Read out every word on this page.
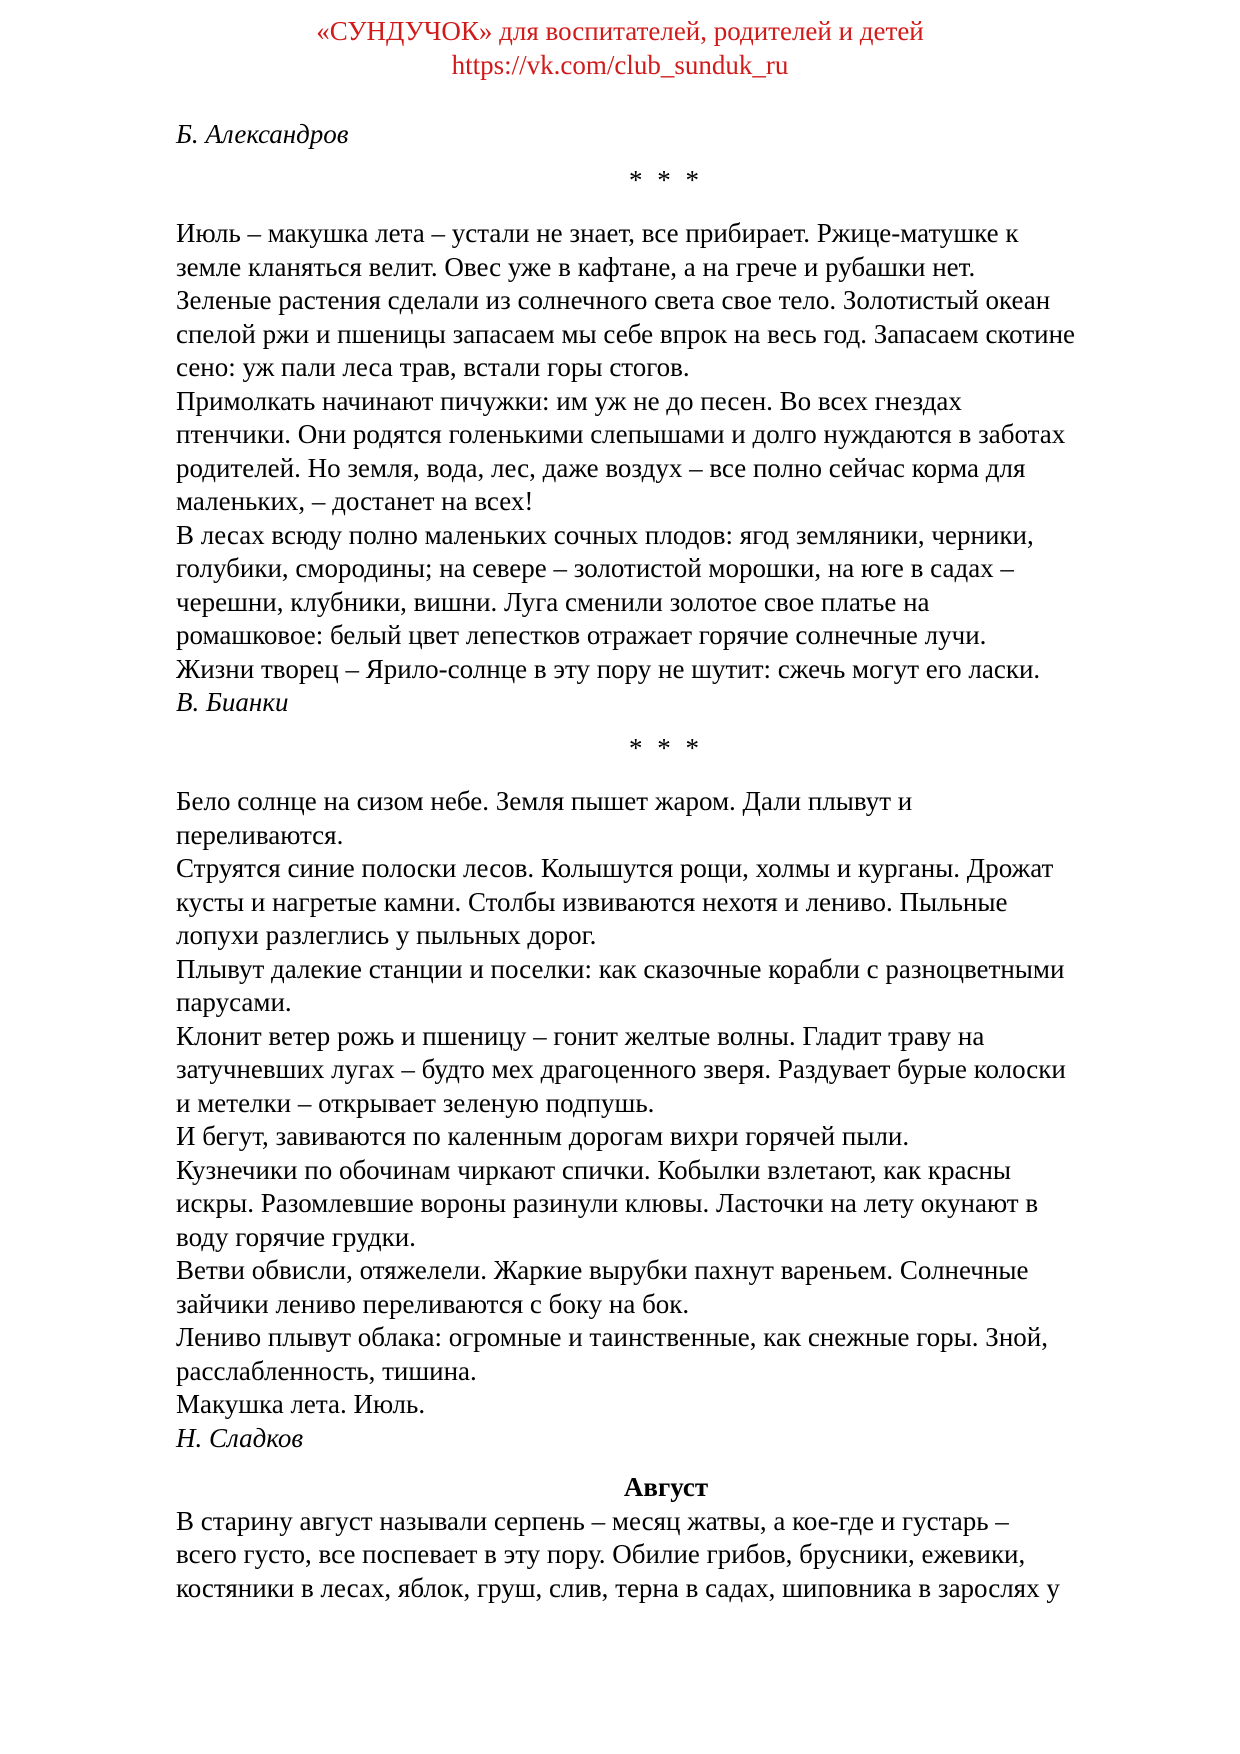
«СУНДУЧОК» для воспитателей, родителей и детей
https://vk.com/club_sunduk_ru
Б. Александров
* * *
Июль – макушка лета – устали не знает, все прибирает. Ржице-матушке к
земле кланяться велит. Овес уже в кафтане, а на грече и рубашки нет.
Зеленые растения сделали из солнечного света свое тело. Золотистый океан
спелой ржи и пшеницы запасаем мы себе впрок на весь год. Запасаем скотине
сено: уж пали леса трав, встали горы стогов.
Примолкать начинают пичужки: им уж не до песен. Во всех гнездах
птенчики. Они родятся голенькими слепышами и долго нуждаются в заботах
родителей. Но земля, вода, лес, даже воздух – все полно сейчас корма для
маленьких, – достанет на всех!
В лесах всюду полно маленьких сочных плодов: ягод земляники, черники,
голубики, смородины; на севере – золотистой морошки, на юге в садах –
черешни, клубники, вишни. Луга сменили золотое свое платье на
ромашковое: белый цвет лепестков отражает горячие солнечные лучи.
Жизни творец – Ярило-солнце в эту пору не шутит: сжечь могут его ласки.
В. Бианки
* * *
Бело солнце на сизом небе. Земля пышет жаром. Дали плывут и
переливаются.
Струятся синие полоски лесов. Колышутся рощи, холмы и курганы. Дрожат
кусты и нагретые камни. Столбы извиваются нехотя и лениво. Пыльные
лопухи разлеглись у пыльных дорог.
Плывут далекие станции и поселки: как сказочные корабли с разноцветными
парусами.
Клонит ветер рожь и пшеницу – гонит желтые волны. Гладит траву на
затучневших лугах – будто мех драгоценного зверя. Раздувает бурые колоски
и метелки – открывает зеленую подпушь.
И бегут, завиваются по каленным дорогам вихри горячей пыли.
Кузнечики по обочинам чиркают спички. Кобылки взлетают, как красны
искры. Разомлевшие вороны разинули клювы. Ласточки на лету окунают в
воду горячие грудки.
Ветви обвисли, отяжелели. Жаркие вырубки пахнут вареньем. Солнечные
зайчики лениво переливаются с боку на бок.
Лениво плывут облака: огромные и таинственные, как снежные горы. Зной,
расслабленность, тишина.
Макушка лета. Июль.
Н. Сладков
Август
В старину август называли серпень – месяц жатвы, а кое-где и густарь –
всего густо, все поспевает в эту пору. Обилие грибов, брусники, ежевики,
костяники в лесах, яблок, груш, слив, терна в садах, шиповника в зарослях у
